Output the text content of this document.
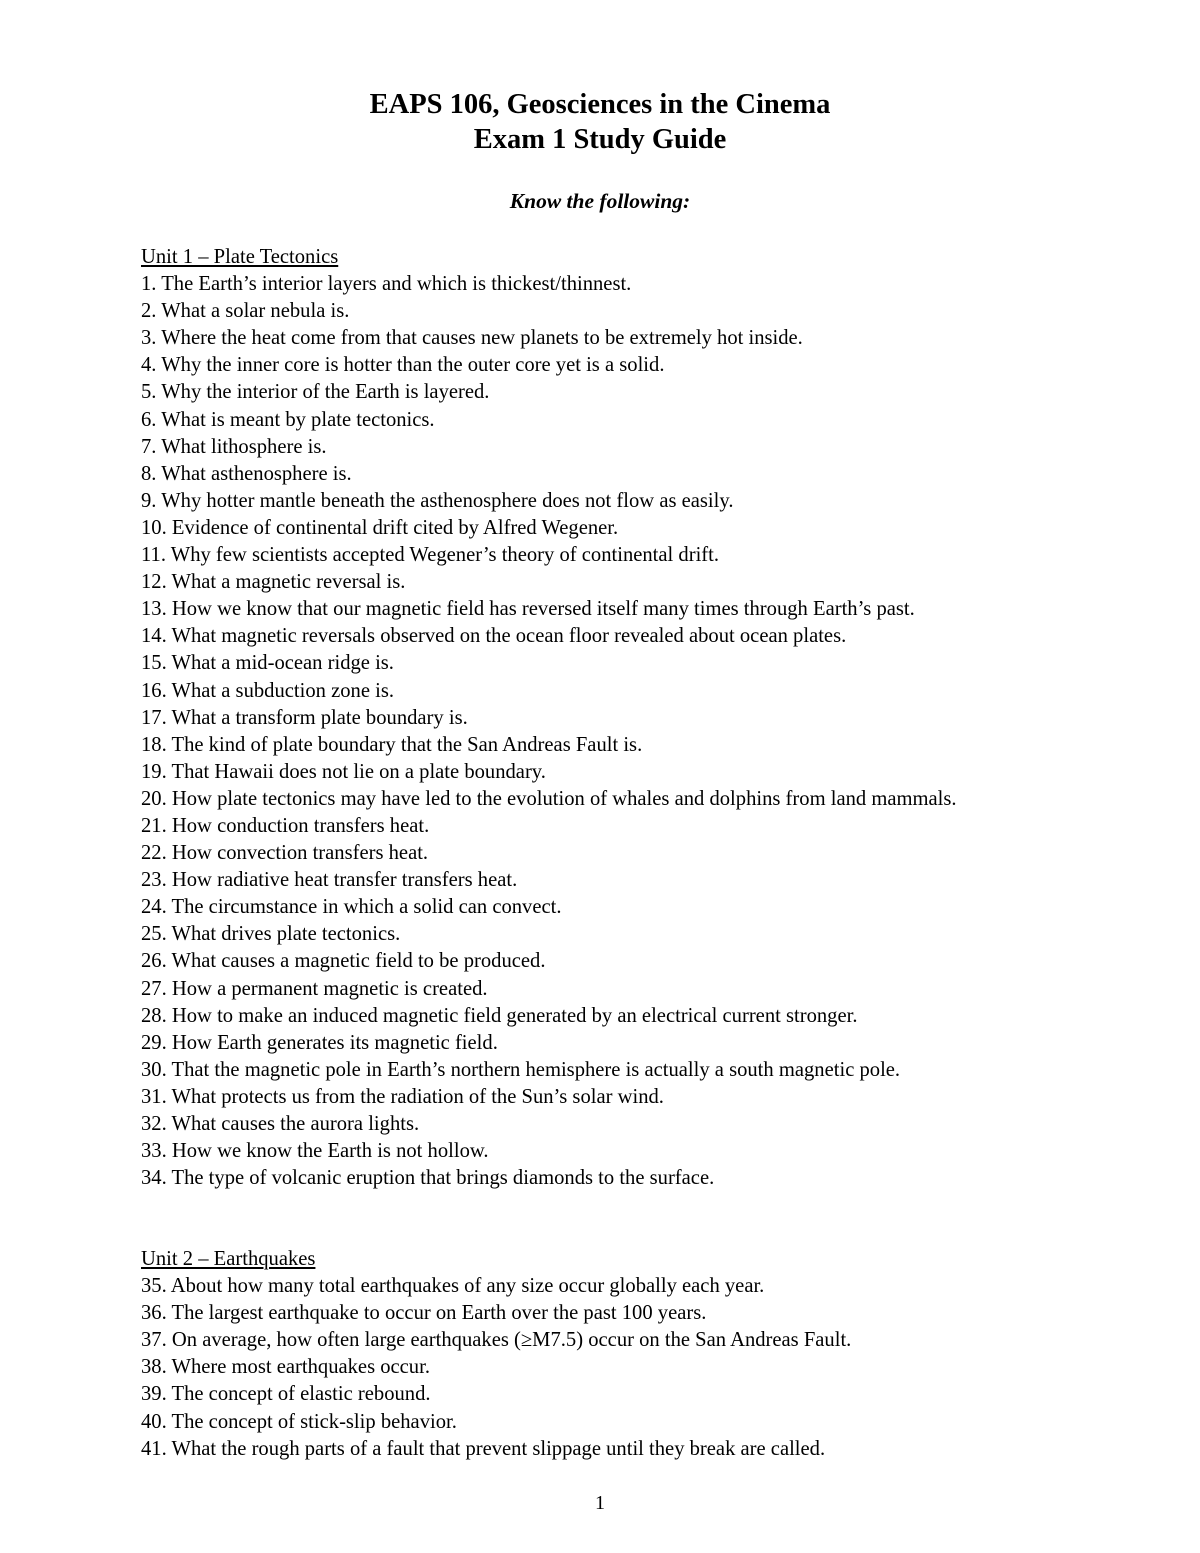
EAPS 106, Geosciences in the Cinema
Exam 1 Study Guide
Know the following:
Unit 1 – Plate Tectonics
1. The Earth’s interior layers and which is thickest/thinnest.
2. What a solar nebula is.
3. Where the heat come from that causes new planets to be extremely hot inside.
4. Why the inner core is hotter than the outer core yet is a solid.
5. Why the interior of the Earth is layered.
6. What is meant by plate tectonics.
7. What lithosphere is.
8. What asthenosphere is.
9. Why hotter mantle beneath the asthenosphere does not flow as easily.
10. Evidence of continental drift cited by Alfred Wegener.
11. Why few scientists accepted Wegener’s theory of continental drift.
12. What a magnetic reversal is.
13. How we know that our magnetic field has reversed itself many times through Earth’s past.
14. What magnetic reversals observed on the ocean floor revealed about ocean plates.
15. What a mid-ocean ridge is.
16. What a subduction zone is.
17. What a transform plate boundary is.
18. The kind of plate boundary that the San Andreas Fault is.
19. That Hawaii does not lie on a plate boundary.
20. How plate tectonics may have led to the evolution of whales and dolphins from land mammals.
21. How conduction transfers heat.
22. How convection transfers heat.
23. How radiative heat transfer transfers heat.
24. The circumstance in which a solid can convect.
25. What drives plate tectonics.
26. What causes a magnetic field to be produced.
27. How a permanent magnetic is created.
28. How to make an induced magnetic field generated by an electrical current stronger.
29. How Earth generates its magnetic field.
30. That the magnetic pole in Earth’s northern hemisphere is actually a south magnetic pole.
31. What protects us from the radiation of the Sun’s solar wind.
32. What causes the aurora lights.
33. How we know the Earth is not hollow.
34. The type of volcanic eruption that brings diamonds to the surface.
Unit 2 – Earthquakes
35. About how many total earthquakes of any size occur globally each year.
36. The largest earthquake to occur on Earth over the past 100 years.
37. On average, how often large earthquakes (≥M7.5) occur on the San Andreas Fault.
38. Where most earthquakes occur.
39. The concept of elastic rebound.
40. The concept of stick-slip behavior.
41. What the rough parts of a fault that prevent slippage until they break are called.
1
